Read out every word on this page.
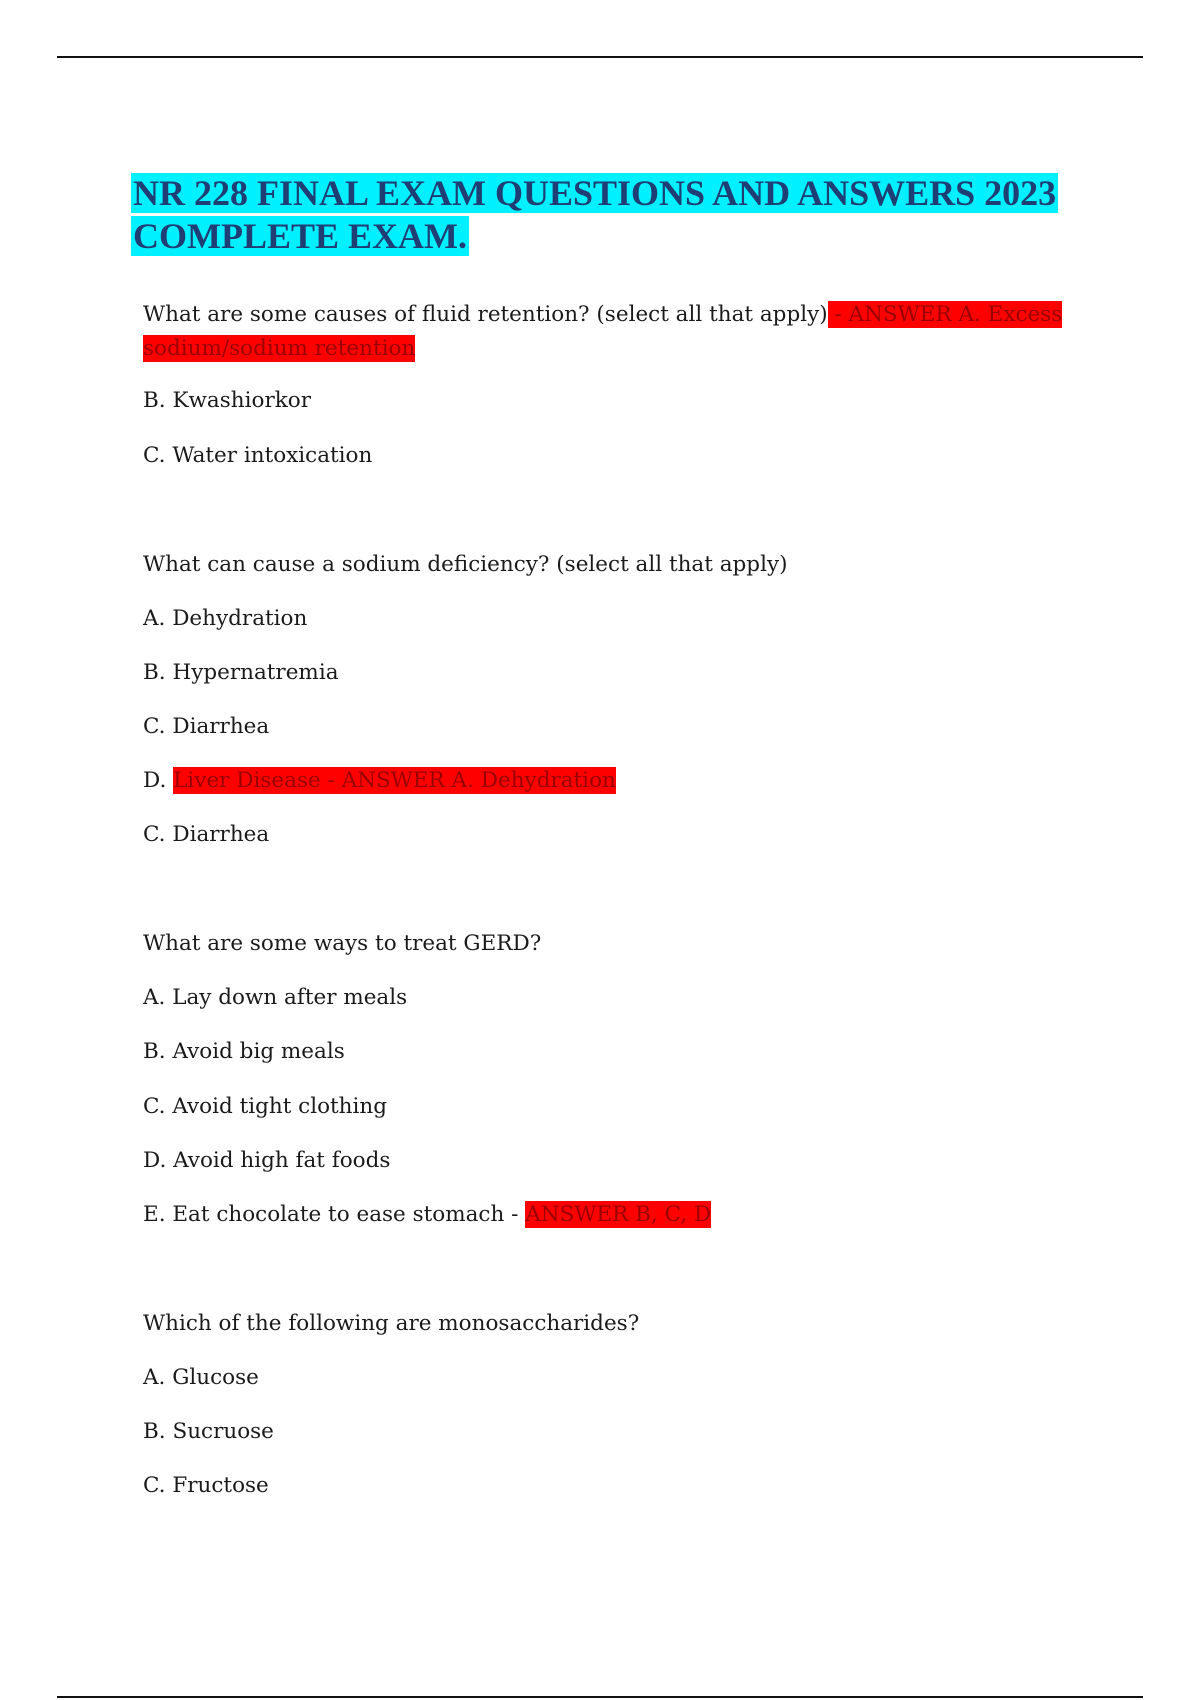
NR 228 FINAL EXAM QUESTIONS AND ANSWERS 2023
COMPLETE EXAM.
What are some causes of fluid retention? (select all that apply) - ANSWER A. Excess
sodium/sodium retention
B. Kwashiorkor
C. Water intoxication
What can cause a sodium deficiency? (select all that apply)
A. Dehydration
B. Hypernatremia
C. Diarrhea
D. Liver Disease - ANSWER A. Dehydration
C. Diarrhea
What are some ways to treat GERD?
A. Lay down after meals
B. Avoid big meals
C. Avoid tight clothing
D. Avoid high fat foods
E. Eat chocolate to ease stomach - ANSWER B, C, D
Which of the following are monosaccharides?
A. Glucose
B. Sucruose
C. Fructose
